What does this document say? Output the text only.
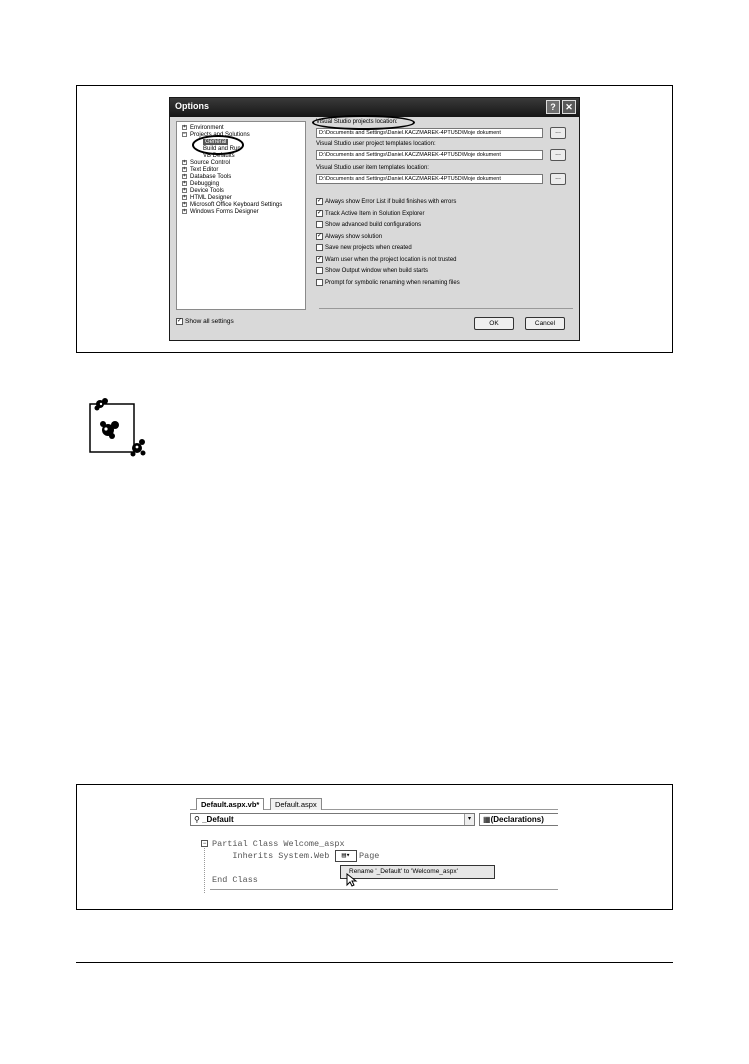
Options	?	✕
+ Environment
− Projects and Solutions
General
Build and Run
VB Defaults
+ Source Control
+ Text Editor
+ Database Tools
+ Debugging
+ Device Tools
+ HTML Designer
+ Microsoft Office Keyboard Settings
+ Windows Forms Designer
Visual Studio projects location:
D:\Documents and Settings\Daniel.KACZMAREK-4PTU5D\Moje dokument	...
Visual Studio user project templates location:
D:\Documents and Settings\Daniel.KACZMAREK-4PTU5D\Moje dokument	...
Visual Studio user item templates location:
D:\Documents and Settings\Daniel.KACZMAREK-4PTU5D\Moje dokument	...
✓ Always show Error List if build finishes with errors
✓ Track Active Item in Solution Explorer
Show advanced build configurations
✓ Always show solution
Save new projects when created
✓ Warn user when the project location is not trusted
Show Output window when build starts
Prompt for symbolic renaming when renaming files
✓ Show all settings	OK	Cancel
Default.aspx.vb*	Default.aspx
⚲ _Default	▾	▦(Declarations)
− Partial Class Welcome_aspx
Inherits System.Web	▤▾	Page
Rename '_Default' to 'Welcome_aspx'
End Class
